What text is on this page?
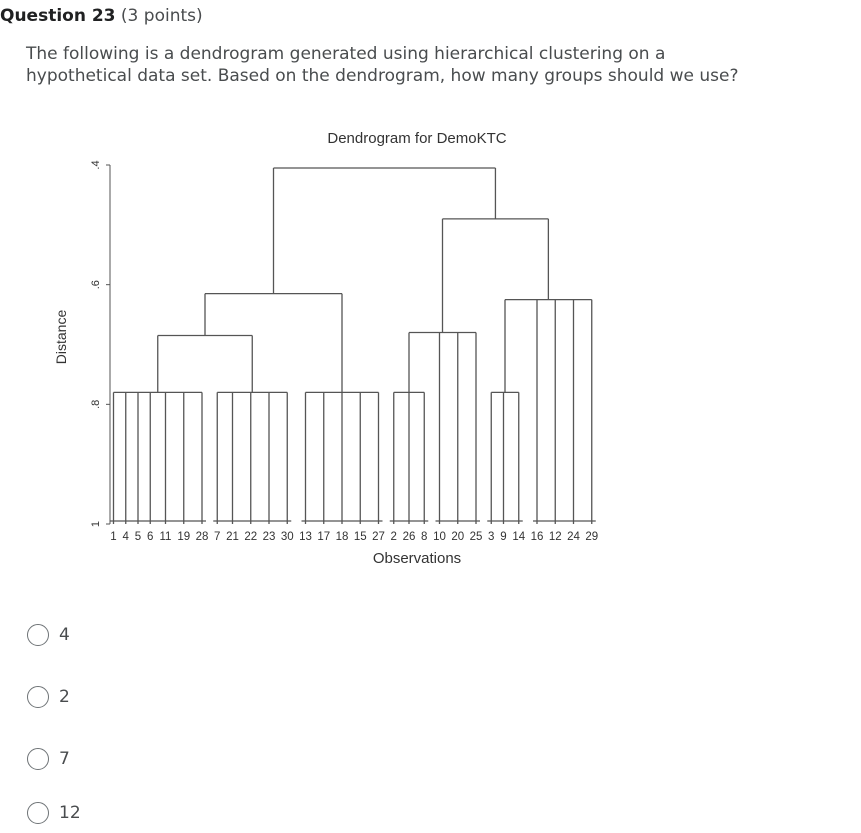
Question 23 (3 points)
The following is a dendrogram generated using hierarchical clustering on a
hypothetical data set. Based on the dendrogram, how many groups should we use?
Dendrogram for DemoKTC
Distance
Observations
.4
.6
.8
1
1 4 5 6 11 19 28 7 21 22 23 30 13 17 18 15 27 2 26 8 10 20 25 3 9 14 16 12 24 29
4
2
7
12
